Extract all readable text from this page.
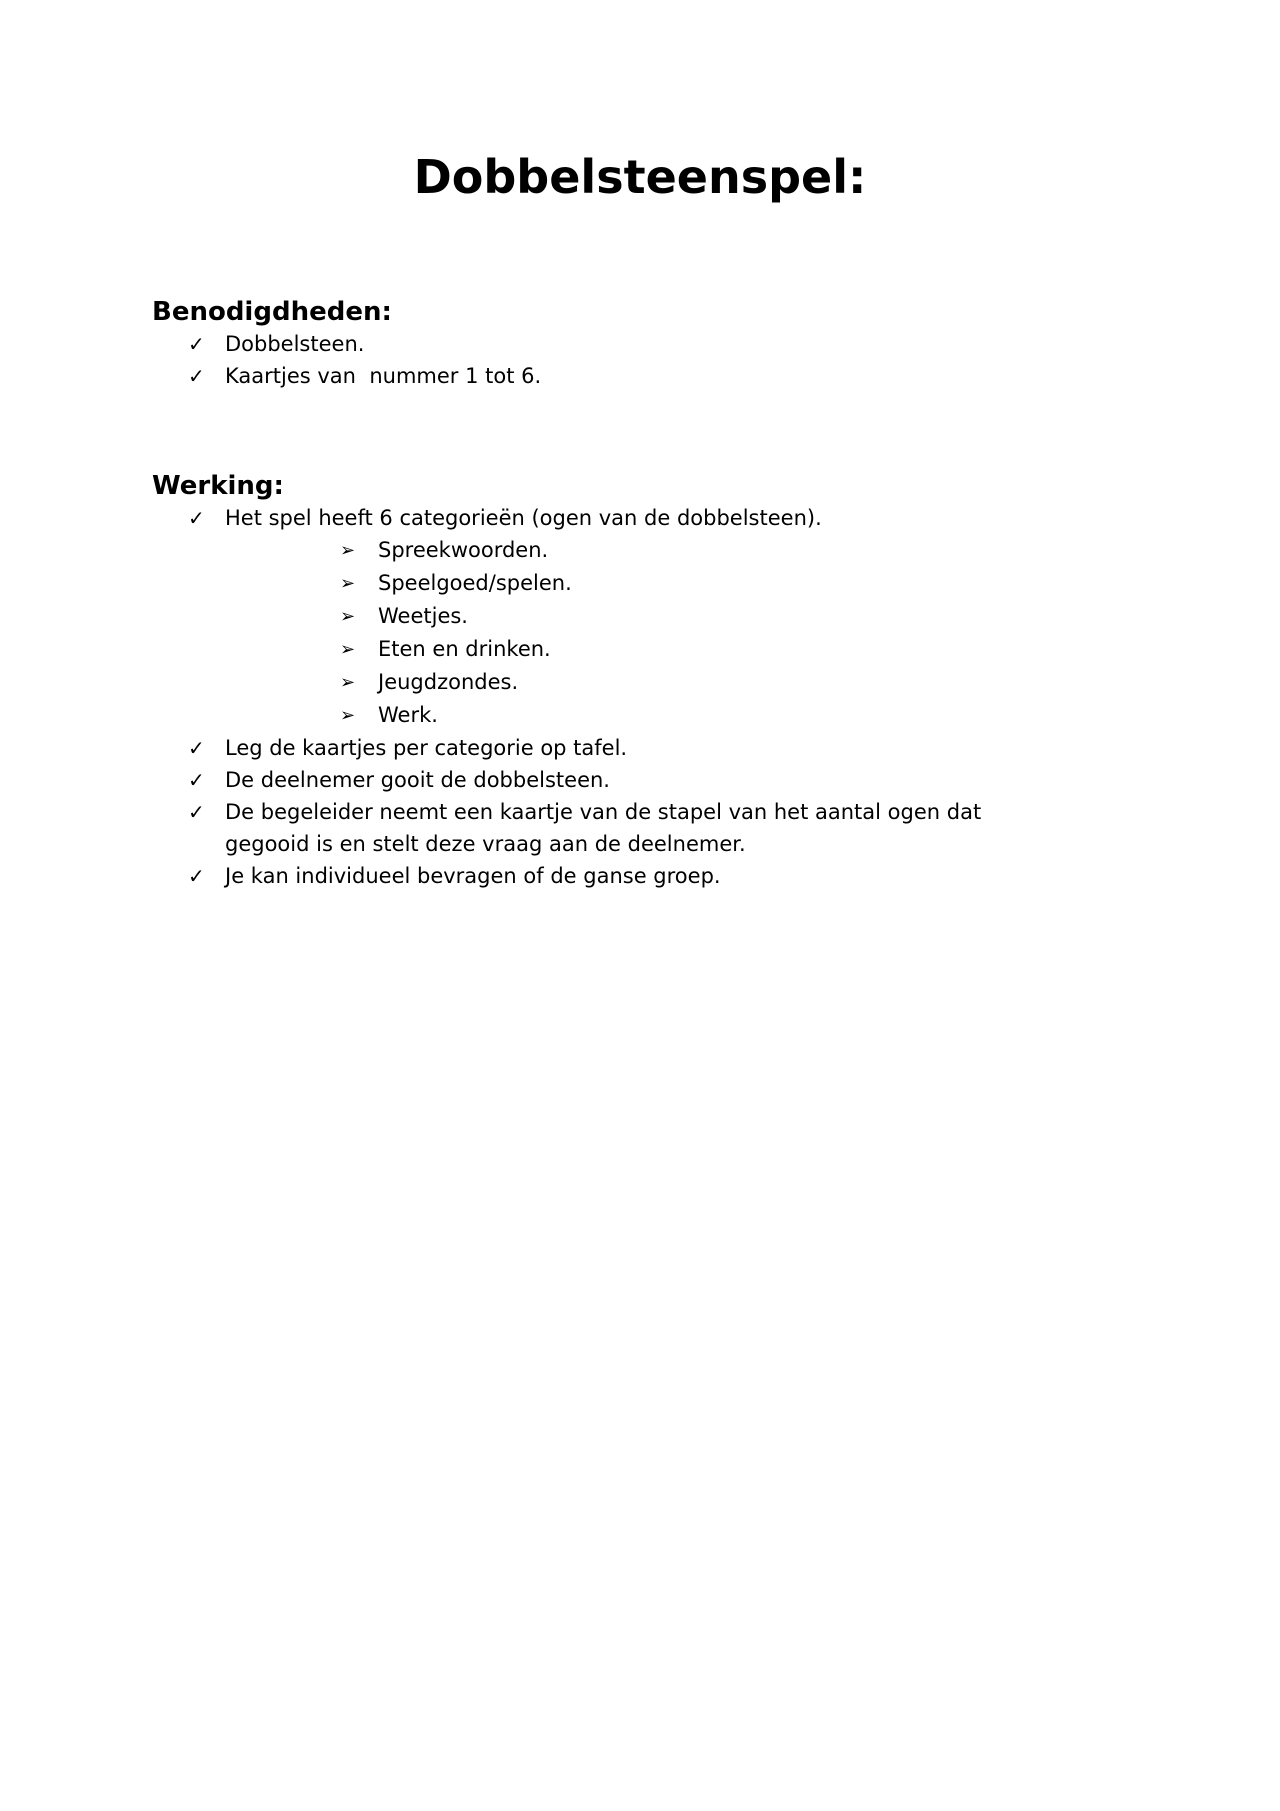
Dobbelsteenspel:
Benodigdheden:
✓ Dobbelsteen.
✓ Kaartjes van  nummer 1 tot 6.
Werking:
✓ Het spel heeft 6 categorieën (ogen van de dobbelsteen).
➢	Spreekwoorden.
➢	Speelgoed/spelen.
➢	Weetjes.
➢	Eten en drinken.
➢	Jeugdzondes.
➢	Werk.
✓ Leg de kaartjes per categorie op tafel.
✓ De deelnemer gooit de dobbelsteen.
✓ De begeleider neemt een kaartje van de stapel van het aantal ogen dat gegooid is en stelt deze vraag aan de deelnemer.
✓ Je kan individueel bevragen of de ganse groep.
